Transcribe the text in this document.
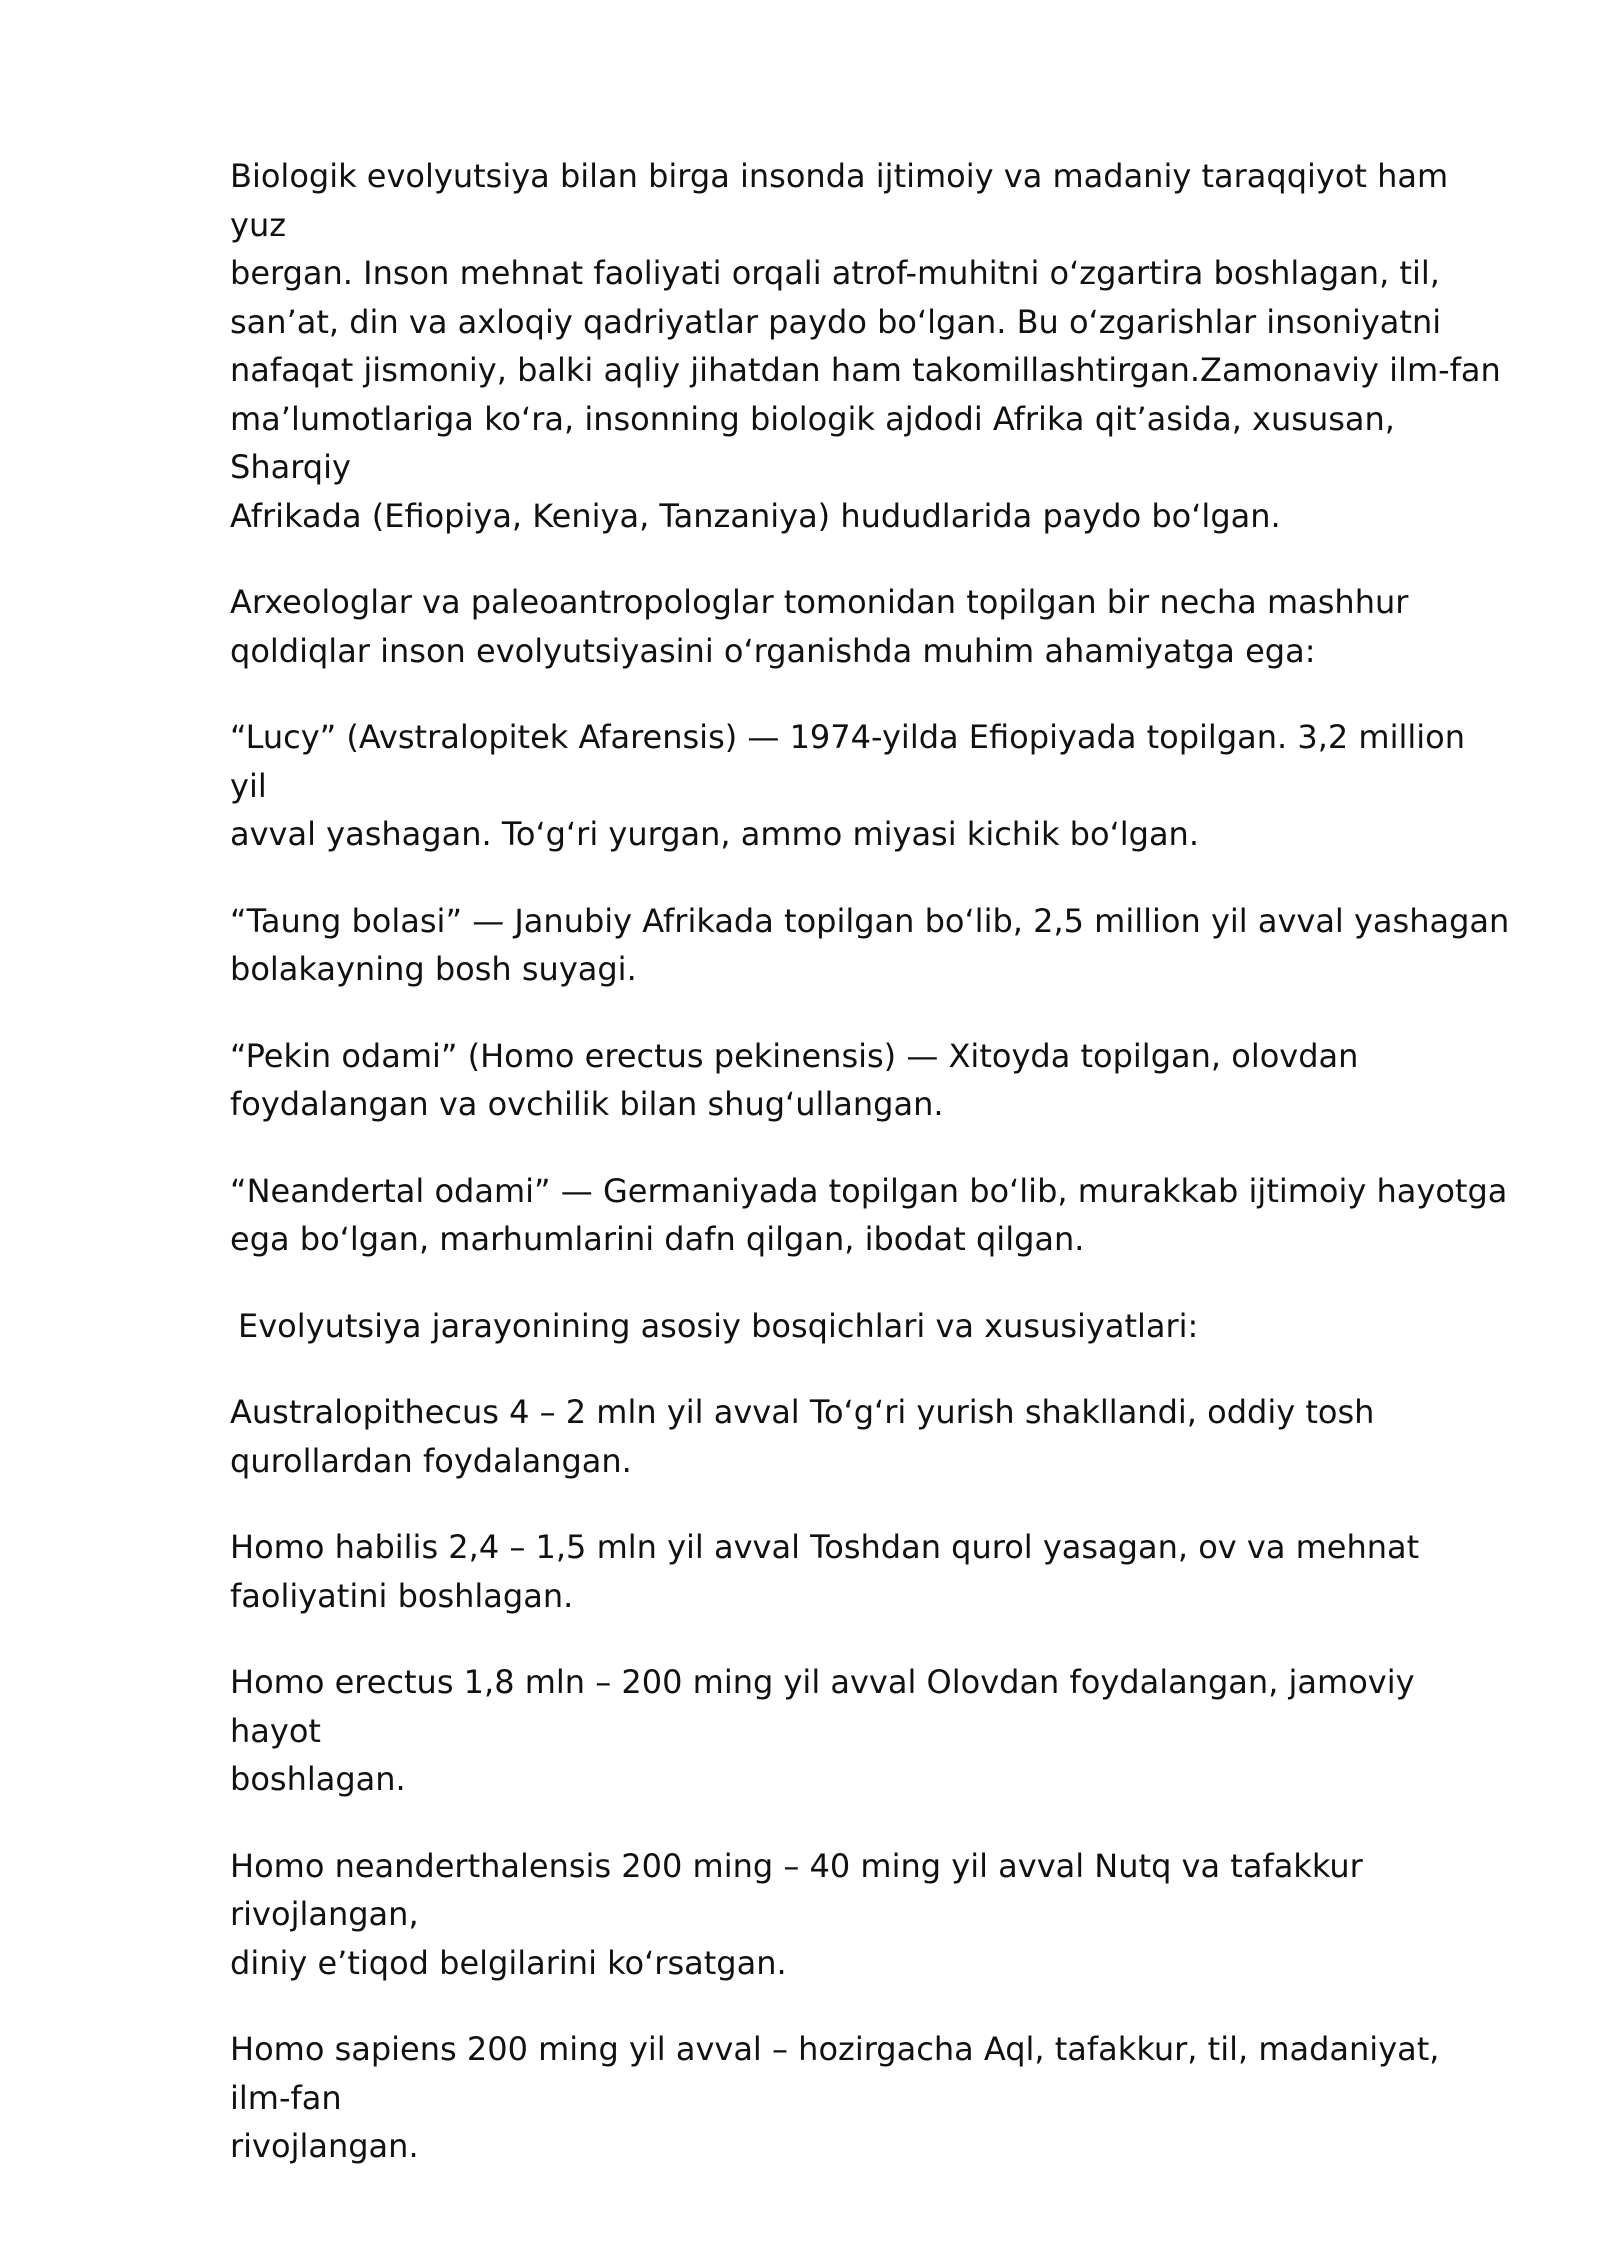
Biologik evolyutsiya bilan birga insonda ijtimoiy va madaniy taraqqiyot ham yuz
bergan. Inson mehnat faoliyati orqali atrof-muhitni oʻzgartira boshlagan, til,
san’at, din va axloqiy qadriyatlar paydo boʻlgan. Bu oʻzgarishlar insoniyatni
nafaqat jismoniy, balki aqliy jihatdan ham takomillashtirgan.Zamonaviy ilm-fan
ma’lumotlariga koʻra, insonning biologik ajdodi Afrika qit’asida, xususan, Sharqiy
Afrikada (Efiopiya, Keniya, Tanzaniya) hududlarida paydo boʻlgan.

Arxeologlar va paleoantropologlar tomonidan topilgan bir necha mashhur
qoldiqlar inson evolyutsiyasini oʻrganishda muhim ahamiyatga ega:

“Lucy” (Avstralopitek Afarensis) — 1974-yilda Efiopiyada topilgan. 3,2 million yil
avval yashagan. Toʻgʻri yurgan, ammo miyasi kichik boʻlgan.

“Taung bolasi” — Janubiy Afrikada topilgan boʻlib, 2,5 million yil avval yashagan
bolakayning bosh suyagi.

“Pekin odami” (Homo erectus pekinensis) — Xitoyda topilgan, olovdan
foydalangan va ovchilik bilan shugʻullangan.

“Neandertal odami” — Germaniyada topilgan boʻlib, murakkab ijtimoiy hayotga
ega boʻlgan, marhumlarini dafn qilgan, ibodat qilgan.

Evolyutsiya jarayonining asosiy bosqichlari va xususiyatlari:

Australopithecus 4 – 2 mln yil avval Toʻgʻri yurish shakllandi, oddiy tosh
qurollardan foydalangan.

Homo habilis 2,4 – 1,5 mln yil avval Toshdan qurol yasagan, ov va mehnat
faoliyatini boshlagan.

Homo erectus 1,8 mln – 200 ming yil avval Olovdan foydalangan, jamoviy hayot
boshlagan.

Homo neanderthalensis 200 ming – 40 ming yil avval Nutq va tafakkur rivojlangan,
diniy e’tiqod belgilarini koʻrsatgan.

Homo sapiens 200 ming yil avval – hozirgacha Aql, tafakkur, til, madaniyat, ilm-fan
rivojlangan.
